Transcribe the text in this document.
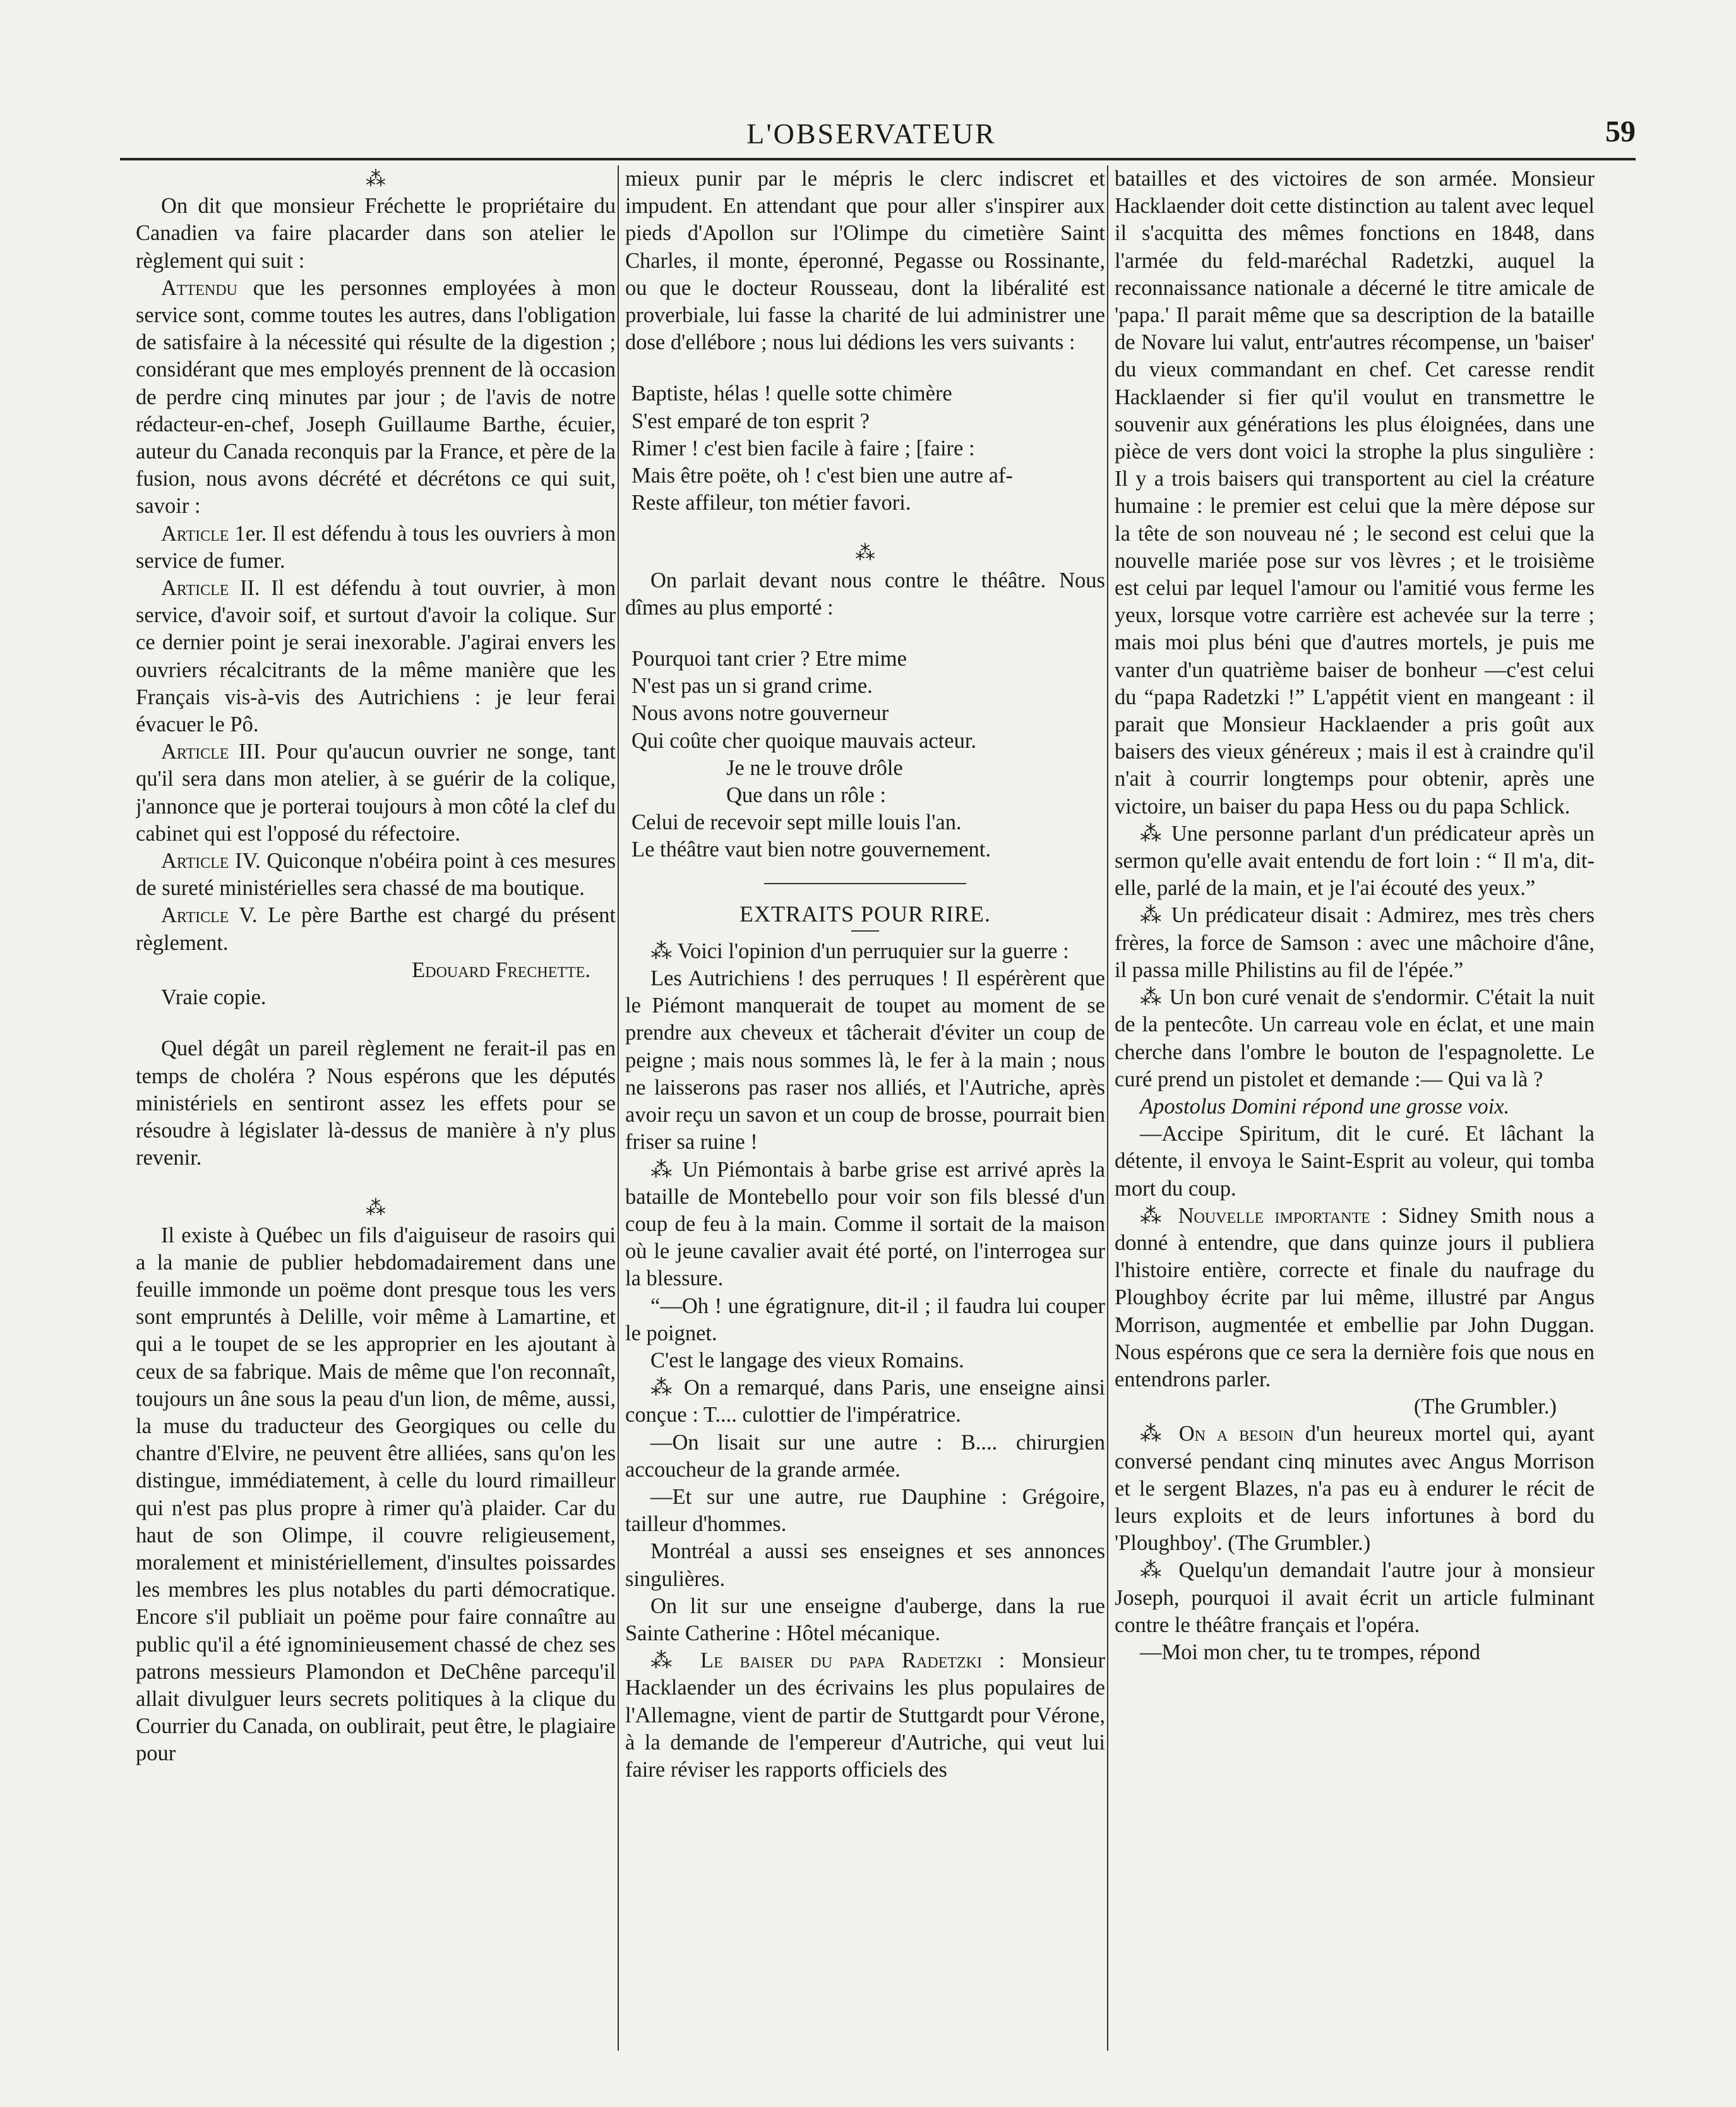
L'OBSERVATEUR	59

⁂

On dit que monsieur Fréchette le propriétaire du Canadien va faire placarder dans son atelier le règlement qui suit :

Attendu que les personnes employées à mon service sont, comme toutes les autres, dans l'obligation de satisfaire à la nécessité qui résulte de la digestion ; considérant que mes employés prennent de là occasion de perdre cinq minutes par jour ; de l'avis de notre rédacteur-en-chef, Joseph Guillaume Barthe, écuier, auteur du Canada reconquis par la France, et père de la fusion, nous avons décrété et décrétons ce qui suit, savoir :

Article 1er. Il est défendu à tous les ouvriers à mon service de fumer.

Article II. Il est défendu à tout ouvrier, à mon service, d'avoir soif, et surtout d'avoir la colique. Sur ce dernier point je serai inexorable. J'agirai envers les ouvriers récalcitrants de la même manière que les Français vis-à-vis des Autrichiens : je leur ferai évacuer le Pô.

Article III. Pour qu'aucun ouvrier ne songe, tant qu'il sera dans mon atelier, à se guérir de la colique, j'annonce que je porterai toujours à mon côté la clef du cabinet qui est l'opposé du réfectoire.

Article IV. Quiconque n'obéira point à ces mesures de sureté ministérielles sera chassé de ma boutique.

Article V. Le père Barthe est chargé du présent règlement.

Edouard Frechette.

Vraie copie.

Quel dégât un pareil règlement ne ferait-il pas en temps de choléra ? Nous espérons que les députés ministériels en sentiront assez les effets pour se résoudre à législater là-dessus de manière à n'y plus revenir.

⁂

Il existe à Québec un fils d'aiguiseur de rasoirs qui a la manie de publier hebdomadairement dans une feuille immonde un poëme dont presque tous les vers sont empruntés à Delille, voir même à Lamartine, et qui a le toupet de se les approprier en les ajoutant à ceux de sa fabrique. Mais de même que l'on reconnaît, toujours un âne sous la peau d'un lion, de même, aussi, la muse du traducteur des Georgiques ou celle du chantre d'Elvire, ne peuvent être alliées, sans qu'on les distingue, immédiatement, à celle du lourd rimailleur qui n'est pas plus propre à rimer qu'à plaider. Car du haut de son Olimpe, il couvre religieusement, moralement et ministériellement, d'insultes poissardes les membres les plus notables du parti démocratique. Encore s'il publiait un poëme pour faire connaître au public qu'il a été ignominieusement chassé de chez ses patrons messieurs Plamondon et DeChêne parcequ'il allait divulguer leurs secrets politiques à la clique du Courrier du Canada, on oublirait, peut être, le plagiaire pour

mieux punir par le mépris le clerc indiscret et impudent. En attendant que pour aller s'inspirer aux pieds d'Apollon sur l'Olimpe du cimetière Saint Charles, il monte, éperonné, Pegasse ou Rossinante, ou que le docteur Rousseau, dont la libéralité est proverbiale, lui fasse la charité de lui administrer une dose d'ellébore ; nous lui dédions les vers suivants :

Baptiste, hélas ! quelle sotte chimère

S'est emparé de ton esprit ?

Rimer ! c'est bien facile à faire ; [faire :

Mais être poëte, oh ! c'est bien une autre af-

Reste affileur, ton métier favori.

⁂

On parlait devant nous contre le théâtre. Nous dîmes au plus emporté :

Pourquoi tant crier ? Etre mime

N'est pas un si grand crime.

Nous avons notre gouverneur

Qui coûte cher quoique mauvais acteur.

Je ne le trouve drôle

Que dans un rôle :

Celui de recevoir sept mille louis l'an.

Le théâtre vaut bien notre gouvernement.

EXTRAITS POUR RIRE.

⁂ Voici l'opinion d'un perruquier sur la guerre :

Les Autrichiens ! des perruques ! Il espérèrent que le Piémont manquerait de toupet au moment de se prendre aux cheveux et tâcherait d'éviter un coup de peigne ; mais nous sommes là, le fer à la main ; nous ne laisserons pas raser nos alliés, et l'Autriche, après avoir reçu un savon et un coup de brosse, pourrait bien friser sa ruine !

⁂ Un Piémontais à barbe grise est arrivé après la bataille de Montebello pour voir son fils blessé d'un coup de feu à la main. Comme il sortait de la maison où le jeune cavalier avait été porté, on l'interrogea sur la blessure.

“—Oh ! une égratignure, dit-il ; il faudra lui couper le poignet.

C'est le langage des vieux Romains.

⁂ On a remarqué, dans Paris, une enseigne ainsi conçue : T.... culottier de l'impératrice.

—On lisait sur une autre : B.... chirurgien accoucheur de la grande armée.

—Et sur une autre, rue Dauphine : Grégoire, tailleur d'hommes.

Montréal a aussi ses enseignes et ses annonces singulières.

On lit sur une enseigne d'auberge, dans la rue Sainte Catherine : Hôtel mécanique.

⁂ Le baiser du papa Radetzki : Monsieur Hacklaender un des écrivains les plus populaires de l'Allemagne, vient de partir de Stuttgardt pour Vérone, à la demande de l'empereur d'Autriche, qui veut lui faire réviser les rapports officiels des

batailles et des victoires de son armée. Monsieur Hacklaender doit cette distinction au talent avec lequel il s'acquitta des mêmes fonctions en 1848, dans l'armée du feld-maréchal Radetzki, auquel la reconnaissance nationale a décerné le titre amicale de 'papa.' Il parait même que sa description de la bataille de Novare lui valut, entr'autres récompense, un 'baiser' du vieux commandant en chef. Cet caresse rendit Hacklaender si fier qu'il voulut en transmettre le souvenir aux générations les plus éloignées, dans une pièce de vers dont voici la strophe la plus singulière : Il y a trois baisers qui transportent au ciel la créature humaine : le premier est celui que la mère dépose sur la tête de son nouveau né ; le second est celui que la nouvelle mariée pose sur vos lèvres ; et le troisième est celui par lequel l'amour ou l'amitié vous ferme les yeux, lorsque votre carrière est achevée sur la terre ; mais moi plus béni que d'autres mortels, je puis me vanter d'un quatrième baiser de bonheur —c'est celui du “papa Radetzki !” L'appétit vient en mangeant : il parait que Monsieur Hacklaender a pris goût aux baisers des vieux généreux ; mais il est à craindre qu'il n'ait à courrir longtemps pour obtenir, après une victoire, un baiser du papa Hess ou du papa Schlick.

⁂ Une personne parlant d'un prédicateur après un sermon qu'elle avait entendu de fort loin : “ Il m'a, dit-elle, parlé de la main, et je l'ai écouté des yeux.”

⁂ Un prédicateur disait : Admirez, mes très chers frères, la force de Samson : avec une mâchoire d'âne, il passa mille Philistins au fil de l'épée.”

⁂ Un bon curé venait de s'endormir. C'était la nuit de la pentecôte. Un carreau vole en éclat, et une main cherche dans l'ombre le bouton de l'espagnolette. Le curé prend un pistolet et demande :— Qui va là ?

Apostolus Domini répond une grosse voix.

—Accipe Spiritum, dit le curé. Et lâchant la détente, il envoya le Saint-Esprit au voleur, qui tomba mort du coup.

⁂ Nouvelle importante : Sidney Smith nous a donné à entendre, que dans quinze jours il publiera l'histoire entière, correcte et finale du naufrage du Ploughboy écrite par lui même, illustré par Angus Morrison, augmentée et embellie par John Duggan. Nous espérons que ce sera la dernière fois que nous en entendrons parler.

(The Grumbler.)

⁂ On a besoin d'un heureux mortel qui, ayant conversé pendant cinq minutes avec Angus Morrison et le sergent Blazes, n'a pas eu à endurer le récit de leurs exploits et de leurs infortunes à bord du 'Ploughboy'. (The Grumbler.)

⁂ Quelqu'un demandait l'autre jour à monsieur Joseph, pourquoi il avait écrit un article fulminant contre le théâtre français et l'opéra.

—Moi mon cher, tu te trompes, répond
